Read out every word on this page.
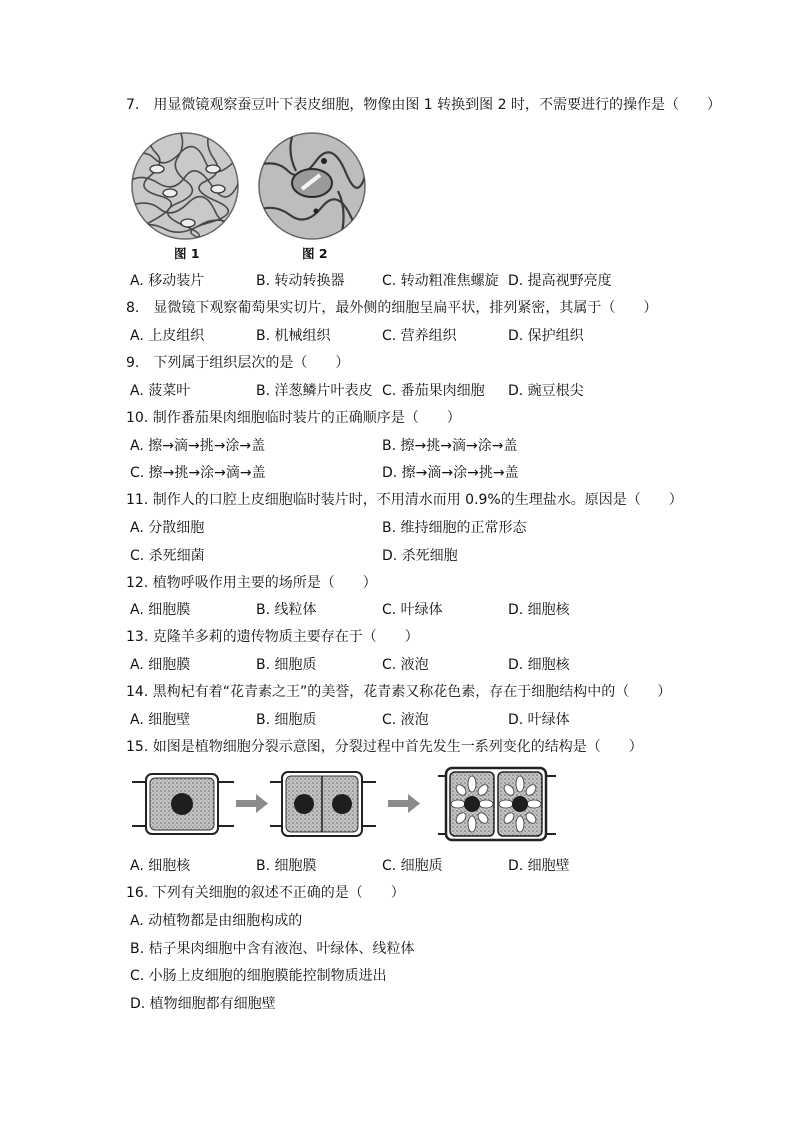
7.　用显微镜观察蚕豆叶下表皮细胞，物像由图 1 转换到图 2 时，不需要进行的操作是（　　）
图 1	图 2
A. 移动装片	B. 转动转换器	C. 转动粗准焦螺旋 D. 提高视野亮度
8.　显微镜下观察葡萄果实切片，最外侧的细胞呈扁平状，排列紧密，其属于（　　）
A. 上皮组织	B. 机械组织	C. 营养组织	D. 保护组织
9.　下列属于组织层次的是（　　）
A. 菠菜叶	B. 洋葱鳞片叶表皮 C. 番茄果肉细胞 D. 豌豆根尖
10. 制作番茄果肉细胞临时装片的正确顺序是（　　）
A. 擦→滴→挑→涂→盖	B. 擦→挑→滴→涂→盖
C. 擦→挑→涂→滴→盖	D. 擦→滴→涂→挑→盖
11. 制作人的口腔上皮细胞临时装片时，不用清水而用 0.9%的生理盐水。原因是（　　）
A. 分散细胞	B. 维持细胞的正常形态
C. 杀死细菌	D. 杀死细胞
12. 植物呼吸作用主要的场所是（　　）
A. 细胞膜	B. 线粒体	C. 叶绿体	D. 细胞核
13. 克隆羊多莉的遗传物质主要存在于（　　）
A. 细胞膜	B. 细胞质	C. 液泡	D. 细胞核
14. 黑枸杞有着“花青素之王”的美誉，花青素又称花色素，存在于细胞结构中的（　　）
A. 细胞壁	B. 细胞质	C. 液泡	D. 叶绿体
15. 如图是植物细胞分裂示意图，分裂过程中首先发生一系列变化的结构是（　　）
A. 细胞核	B. 细胞膜	C. 细胞质	D. 细胞壁
16. 下列有关细胞的叙述不正确的是（　　）
A. 动植物都是由细胞构成的
B. 桔子果肉细胞中含有液泡、叶绿体、线粒体
C. 小肠上皮细胞的细胞膜能控制物质进出
D. 植物细胞都有细胞壁
